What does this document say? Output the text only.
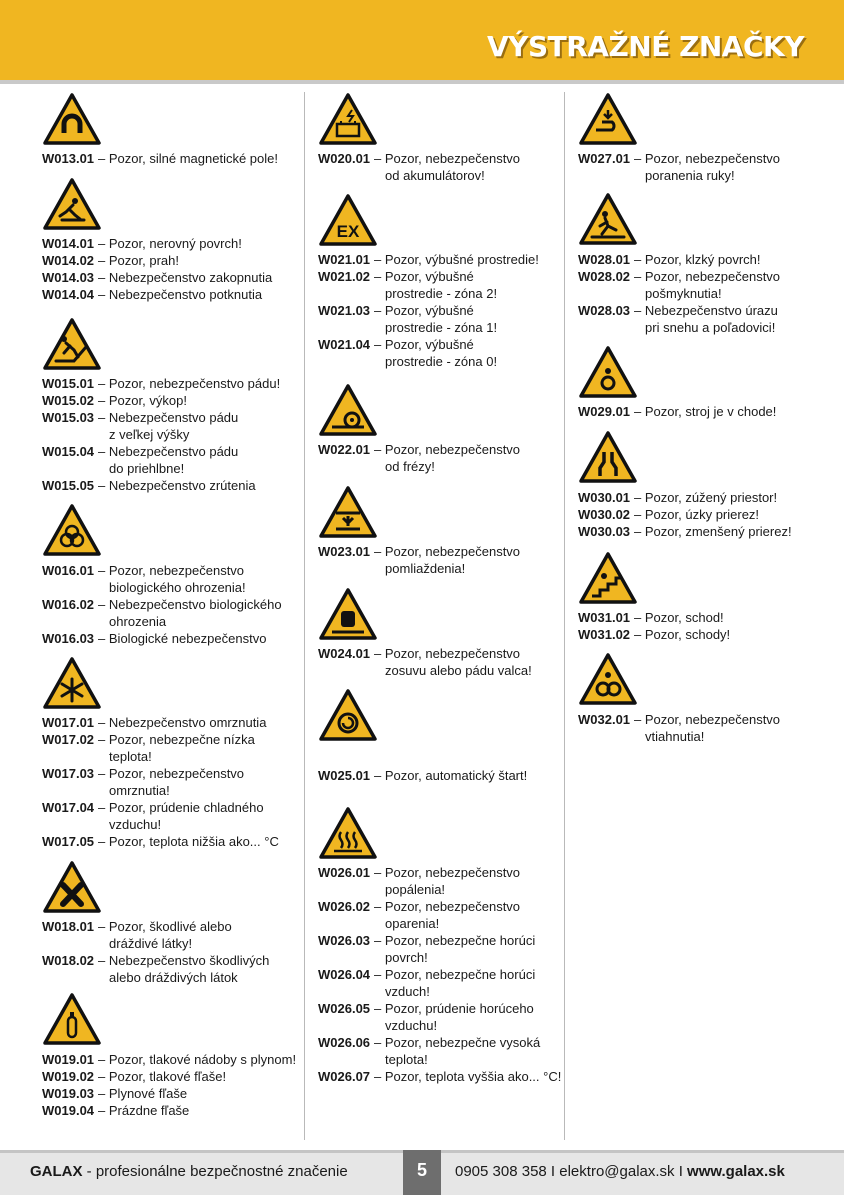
VÝSTRAŽNÉ ZNAČKY
W013.01 – Pozor, silné magnetické pole!
W014.01 – Pozor, nerovný povrch!
W014.02 – Pozor, prah!
W014.03 – Nebezpečenstvo zakopnutia
W014.04 – Nebezpečenstvo potknutia
W015.01 – Pozor, nebezpečenstvo pádu!
W015.02 – Pozor, výkop!
W015.03 – Nebezpečenstvo pádu
z veľkej výšky
W015.04 – Nebezpečenstvo pádu
do priehlbne!
W015.05 – Nebezpečenstvo zrútenia
W016.01 – Pozor, nebezpečenstvo
biologického ohrozenia!
W016.02 – Nebezpečenstvo biologického
ohrozenia
W016.03 – Biologické nebezpečenstvo
W017.01 – Nebezpečenstvo omrznutia
W017.02 – Pozor, nebezpečne nízka
teplota!
W017.03 – Pozor, nebezpečenstvo
omrznutia!
W017.04 – Pozor, prúdenie chladného
vzduchu!
W017.05 – Pozor, teplota nižšia ako... °C
W018.01 – Pozor, škodlivé alebo
dráždivé látky!
W018.02 – Nebezpečenstvo škodlivých
alebo dráždivých látok
W019.01 – Pozor, tlakové nádoby s plynom!
W019.02 – Pozor, tlakové fľaše!
W019.03 – Plynové fľaše
W019.04 – Prázdne fľaše
W020.01 – Pozor, nebezpečenstvo
od akumulátorov!
EX
W021.01 – Pozor, výbušné prostredie!
W021.02 – Pozor, výbušné
prostredie - zóna 2!
W021.03 – Pozor, výbušné
prostredie - zóna 1!
W021.04 – Pozor, výbušné
prostredie - zóna 0!
W022.01 – Pozor, nebezpečenstvo
od frézy!
W023.01 – Pozor, nebezpečenstvo
pomliaždenia!
W024.01 – Pozor, nebezpečenstvo
zosuvu alebo pádu valca!
W025.01 – Pozor, automatický štart!
W026.01 – Pozor, nebezpečenstvo
popálenia!
W026.02 – Pozor, nebezpečenstvo
oparenia!
W026.03 – Pozor, nebezpečne horúci
povrch!
W026.04 – Pozor, nebezpečne horúci
vzduch!
W026.05 – Pozor, prúdenie horúceho
vzduchu!
W026.06 – Pozor, nebezpečne vysoká
teplota!
W026.07 – Pozor, teplota vyššia ako... °C!
W027.01 – Pozor, nebezpečenstvo
poranenia ruky!
W028.01 – Pozor, klzký povrch!
W028.02 – Pozor, nebezpečenstvo
pošmyknutia!
W028.03 – Nebezpečenstvo úrazu
pri snehu a poľadovici!
W029.01 – Pozor, stroj je v chode!
W030.01 – Pozor, zúžený priestor!
W030.02 – Pozor, úzky prierez!
W030.03 – Pozor, zmenšený prierez!
W031.01 – Pozor, schod!
W031.02 – Pozor, schody!
W032.01 – Pozor, nebezpečenstvo
vtiahnutia!
GALAX - profesionálne bezpečnostné značenie	5	0905 308 358 I elektro@galax.sk I www.galax.sk
